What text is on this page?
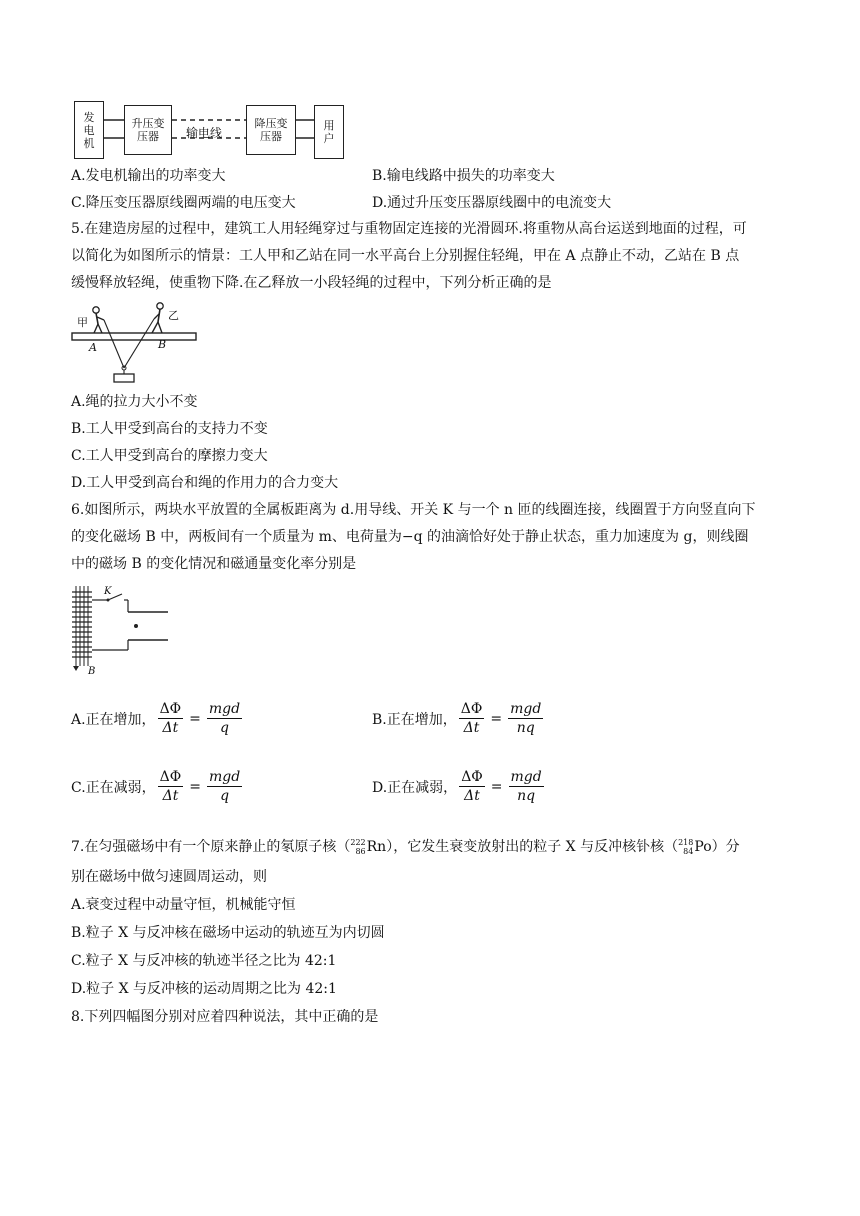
发电机
升压变压器	输电线
降压变压器
用户
A.发电机输出的功率变大	B.输电线路中损失的功率变大
C.降压变压器原线圈两端的电压变大	D.通过升压变压器原线圈中的电流变大
5.在建造房屋的过程中，建筑工人用轻绳穿过与重物固定连接的光滑圆环.将重物从高台运送到地面的过程，可
以简化为如图所示的情景：工人甲和乙站在同一水平高台上分别握住轻绳，甲在 A 点静止不动，乙站在 B 点
缓慢释放轻绳，使重物下降.在乙释放一小段轻绳的过程中，下列分析正确的是
甲
乙
A	B
A.绳的拉力大小不变
B.工人甲受到高台的支持力不变
C.工人甲受到高台的摩擦力变大
D.工人甲受到高台和绳的作用力的合力变大
6.如图所示，两块水平放置的全属板距离为 d.用导线、开关 K 与一个 n 匝的线圈连接，线圈置于方向竖直向下
的变化磁场 B 中，两板间有一个质量为 m、电荷量为−q 的油滴恰好处于静止状态，重力加速度为 g，则线圈
中的磁场 B 的变化情况和磁通量变化率分别是
K
B
A.正在增加， $\frac{\Delta\Phi}{\Delta t} = \frac{\text{mgd}}{q}$	B.正在增加， $\frac{\Delta\Phi}{\Delta t} = \frac{\text{mgd}}{nq}$
C.正在减弱， $\frac{\Delta\Phi}{\Delta t} = \frac{\text{mgd}}{q}$	D.正在减弱， $\frac{\Delta\Phi}{\Delta t} = \frac{\text{mgd}}{nq}$
7.在匀强磁场中有一个原来静止的氡原子核（ 222
86 Rn ），它发生衰变放射出的粒子 X 与反冲核钋核（ 218
84 Po ）分
别在磁场中做匀速圆周运动，则
A.衰变过程中动量守恒，机械能守恒
B.粒子 X 与反冲核在磁场中运动的轨迹互为内切圆
C.粒子 X 与反冲核的轨迹半径之比为 42:1
D.粒子 X 与反冲核的运动周期之比为 42:1
8.下列四幅图分别对应着四种说法，其中正确的是
